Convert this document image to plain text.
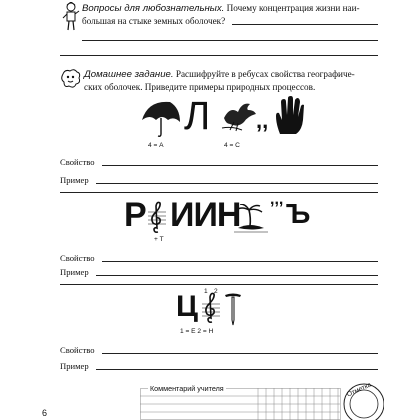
Вопросы для любознательных. Почему концентрация жизни наи-
большая на стыке земных оболочек?
Домашнее задание. Расшифруйте в ребусах свойства географиче-
ских оболочек. Приведите примеры природных процессов.
Л ,,
4 = А	4 = С
Свойство
Пример
Р ИИН ,,, Ъ
+ Т
Свойство
Пример
Ц 1 2
1 = Е 2 = Н
Свойство
Пример
Комментарий учителя	Отметка
6
